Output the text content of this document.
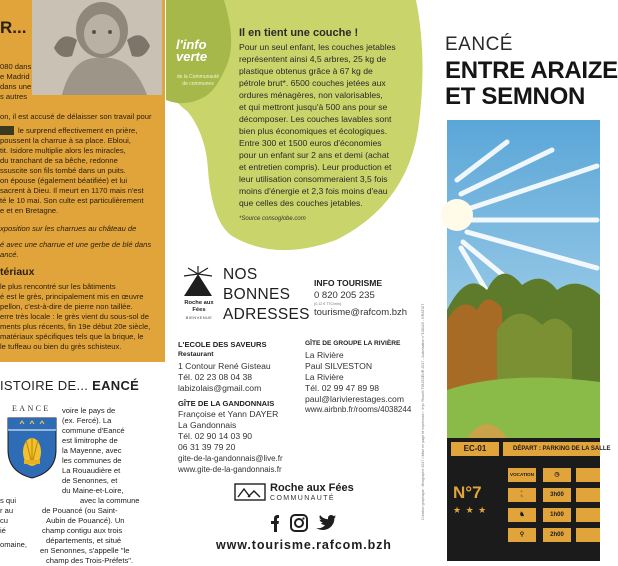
R...
080 dans
e Madrid
dans une
s autres
on, il est accusé de délaisser son travail pour
le surprend effectivement en prière,
poussent la charrue à sa place. Ebloui,
tit. Isidore multiplie alors les miracles,
du tranchant de sa bêche, redonne
ssuscite son fils tombé dans un puits.
on épouse (également béatifiée) et lui
sacrent à Dieu. Il meurt en 1170 mais n'est
té le 10 mai. Son culte est particulièrement
e et en Bretagne.
xposition sur les charrues au château de
é avec une charrue et une gerbe de blé dans
ancé.
tériaux
le plus rencontré sur les bâtiments
é est le grès, principalement mis en œuvre
pellon, c'est-à-dire de pierre non taillée.
erre très locale : le grès vient du sous-sol de
ments plus récents, fin 19e début 20e siècle,
matériaux spécifiques tels que la brique, le
le tuffeau ou bien du grès schisteux.
ISTOIRE DE... EANCÉ
EANCE voire le pays de
(ex. Fercé). La
commune d'Eancé
est limitrophe de
la Mayenne, avec
les communes de
La Rouaudière et
de Senonnes, et
du Maine-et-Loire,
avec la commune
de Pouancé (ou Saint-
Aubin de Pouancé). Un
champ contigu aux trois
départements, et situé
en Senonnes, s'appelle "le
champ des Trois-Préfets".
s qui
r au
cu
ié
omaine,
l'info
verte
de la Communauté de communes
Il en tient une couche !
Pour un seul enfant, les couches jetables
représentent ainsi 4,5 arbres, 25 kg de
plastique obtenus grâce à 67 kg de
pétrole brut*. 6500 couches jetées aux
ordures ménagères, non valorisables,
et qui mettront jusqu'à 500 ans pour se
décomposer. Les couches lavables sont
bien plus économiques et écologiques.
Entre 300 et 1500 euros d'économies
pour un enfant sur 2 ans et demi (achat
et entretien compris). Leur production et
leur utilisation consommeraient 3,5 fois
moins d'énergie et 2,3 fois moins d'eau
que celles des couches jetables.
*Source consoglobe.com
Création graphique : lithographe 2017 • Mise en page et impression : Imp. Rouelli TOUSSEUR 2017 - Autorisation n°108420 - GRATUIT
Roche aux Fées
BIENVENUE
NOS
BONNES
ADRESSES
INFO TOURISME
0 820 205 235
(0,12 € TTC/min)
tourisme@rafcom.bzh
L'ECOLE DES SAVEURS
Restaurant
1 Contour René Gisteau
Tél. 02 23 08 04 38
labizolais@gmail.com
GÎTE DE GROUPE LA RIVIÈRE
La Rivière
Paul SILVESTON
La Rivière
Tél. 02 99 47 89 98
paul@larivierestages.com
www.airbnb.fr/rooms/4038244
GÎTE DE LA GANDONNAIS
Françoise et Yann DAYER
La Gandonnais
Tél. 02 90 14 03 90
06 31 39 79 20
gite-de-la-gandonnais@live.fr
www.gite-de-la-gandonnais.fr
Roche aux Fées
COMMUNAUTÉ
www.tourisme.rafcom.bzh
EANCÉ
ENTRE ARAIZE
ET SEMNON
EC-01	DÉPART : PARKING DE LA SALLE
N°7
★ ★ ★
VOCATION
🚶
♞
⚲
◷
3h00
1h00
2h00
